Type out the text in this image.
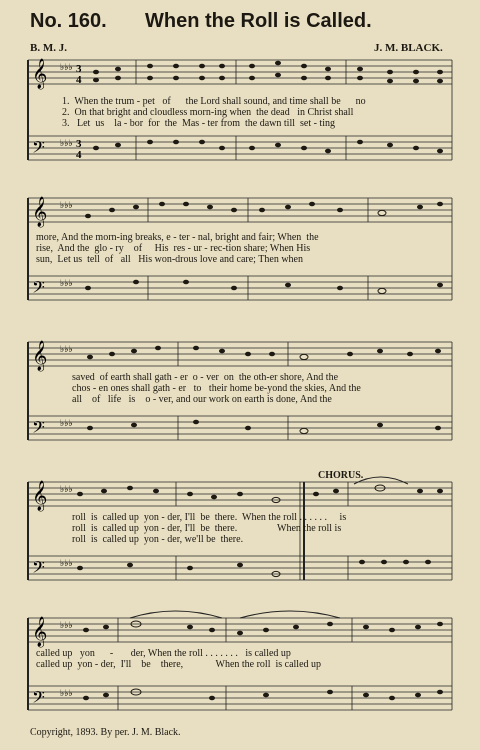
No. 160. When the Roll is Called.
B. M. J.	J. M. BLACK.
𝄞
𝄢
♭♭♭
♭♭♭
3
4
3
4
1.  When the trum - pet   of      the Lord shall sound, and time shall be      no
2.  On that bright and cloudless morn-ing when  the dead   in Christ shall
3.   Let  us    la - bor  for  the  Mas - ter from  the dawn till  set - ting
𝄞
𝄢
♭♭♭
♭♭♭
more, And the morn-ing breaks, e - ter - nal, bright and fair; When  the
rise,  And the  glo - ry    of     His  res - ur - rec-tion share; When His
sun,  Let us  tell  of   all   His won-drous love and care; Then when
𝄞
𝄢
♭♭♭
♭♭♭
saved  of earth shall gath - er  o - ver  on  the oth-er shore, And the
chos - en ones shall gath - er   to   their home be-yond the skies, And the
all    of   life   is    o - ver, and our work on earth is done, And the
CHORUS.
𝄞
𝄢
♭♭♭
♭♭♭
roll  is  called up  yon - der, I'll  be  there.  When the roll . . . . . .     is
roll  is  called up  yon - der, I'll  be  there.                When the roll is
roll  is  called up  yon - der, we'll be  there.
𝄞
𝄢
♭♭♭
♭♭♭
called up   yon      -       der, When the roll . . . . . . .   is called up
called up  yon - der,  I'll    be    there,             When the roll  is called up
Copyright, 1893. By per. J. M. Black.
